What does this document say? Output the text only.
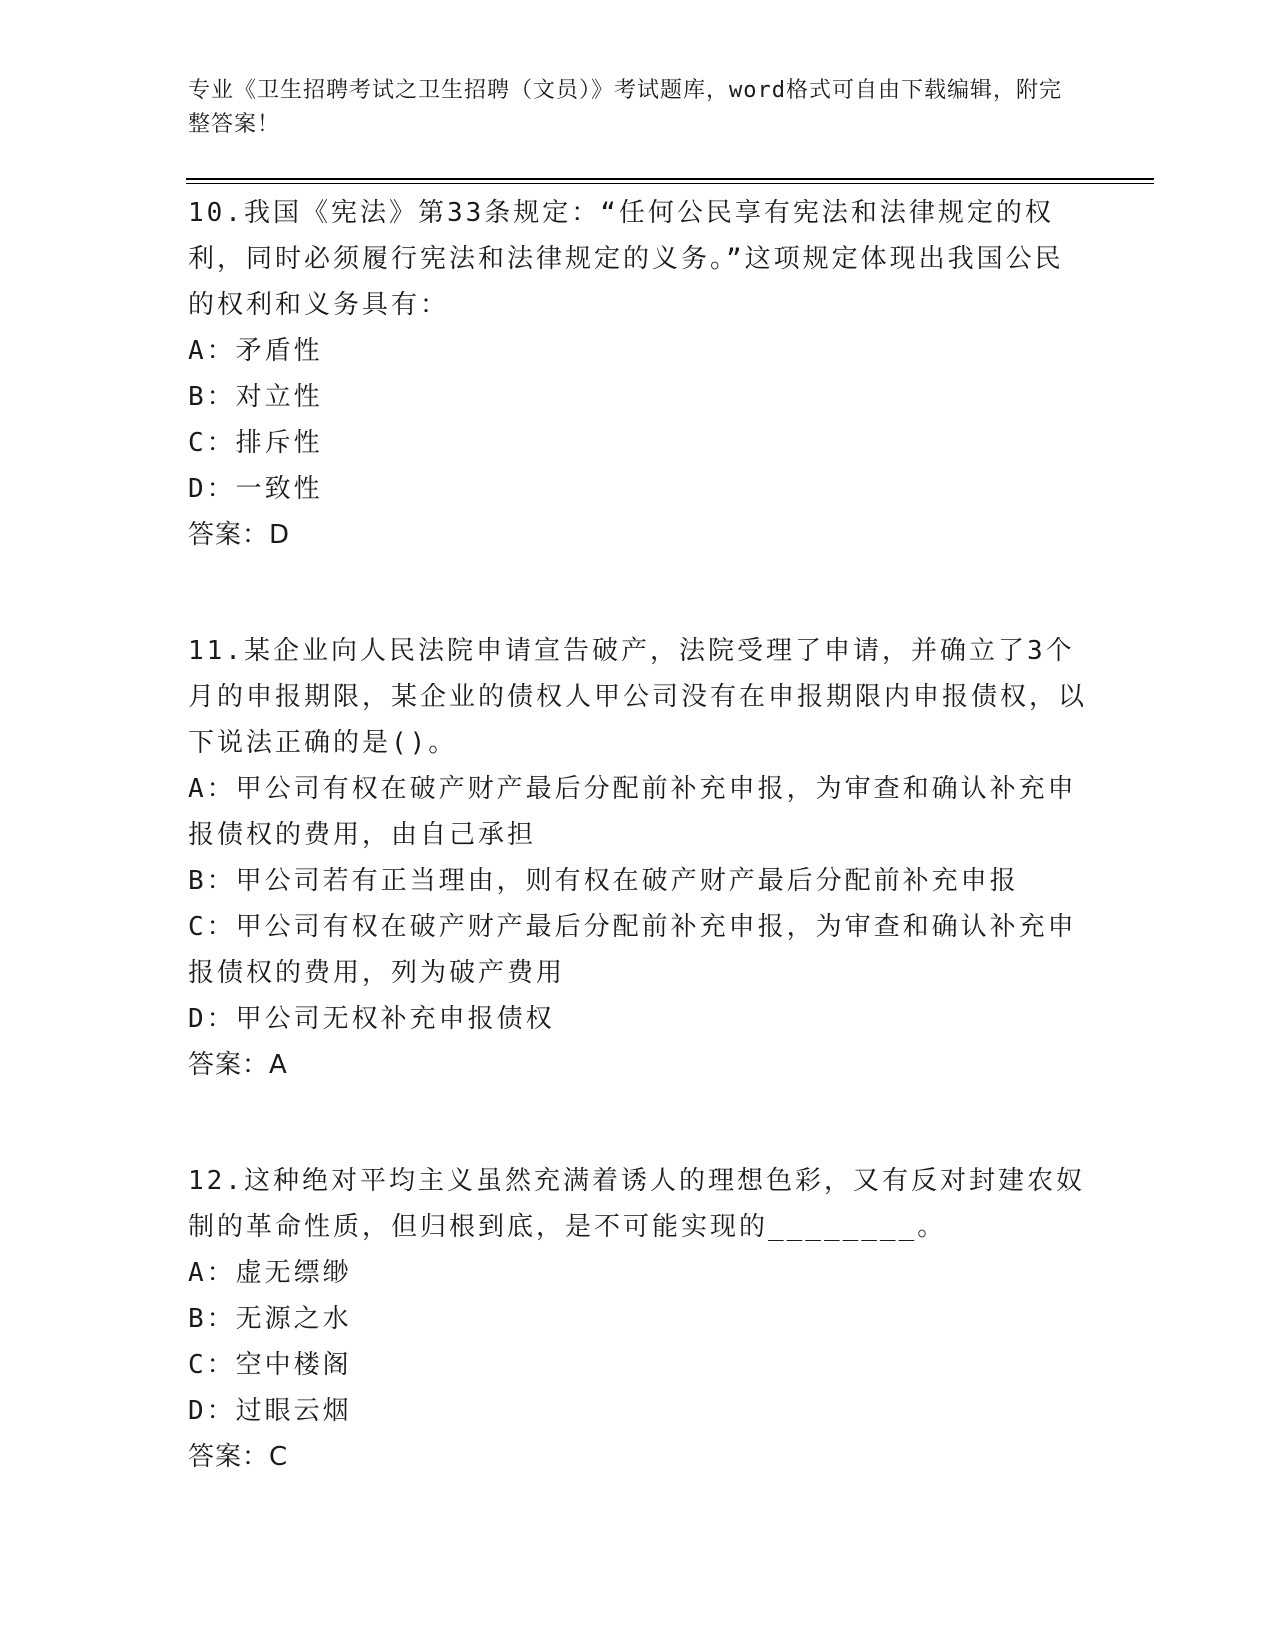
专业《卫生招聘考试之卫生招聘（文员）》考试题库，word格式可自由下载编辑，附完整答案！
10.我国《宪法》第33条规定：“任何公民享有宪法和法律规定的权利，同时必须履行宪法和法律规定的义务。”这项规定体现出我国公民的权利和义务具有：
A：矛盾性
B：对立性
C：排斥性
D：一致性
答案：D
11.某企业向人民法院申请宣告破产，法院受理了申请，并确立了3个月的申报期限，某企业的债权人甲公司没有在申报期限内申报债权，以下说法正确的是()。
A：甲公司有权在破产财产最后分配前补充申报，为审查和确认补充申报债权的费用，由自己承担
B：甲公司若有正当理由，则有权在破产财产最后分配前补充申报
C：甲公司有权在破产财产最后分配前补充申报，为审查和确认补充申报债权的费用，列为破产费用
D：甲公司无权补充申报债权
答案：A
12.这种绝对平均主义虽然充满着诱人的理想色彩，又有反对封建农奴制的革命性质，但归根到底，是不可能实现的________。
A：虚无缥缈
B：无源之水
C：空中楼阁
D：过眼云烟
答案：C
